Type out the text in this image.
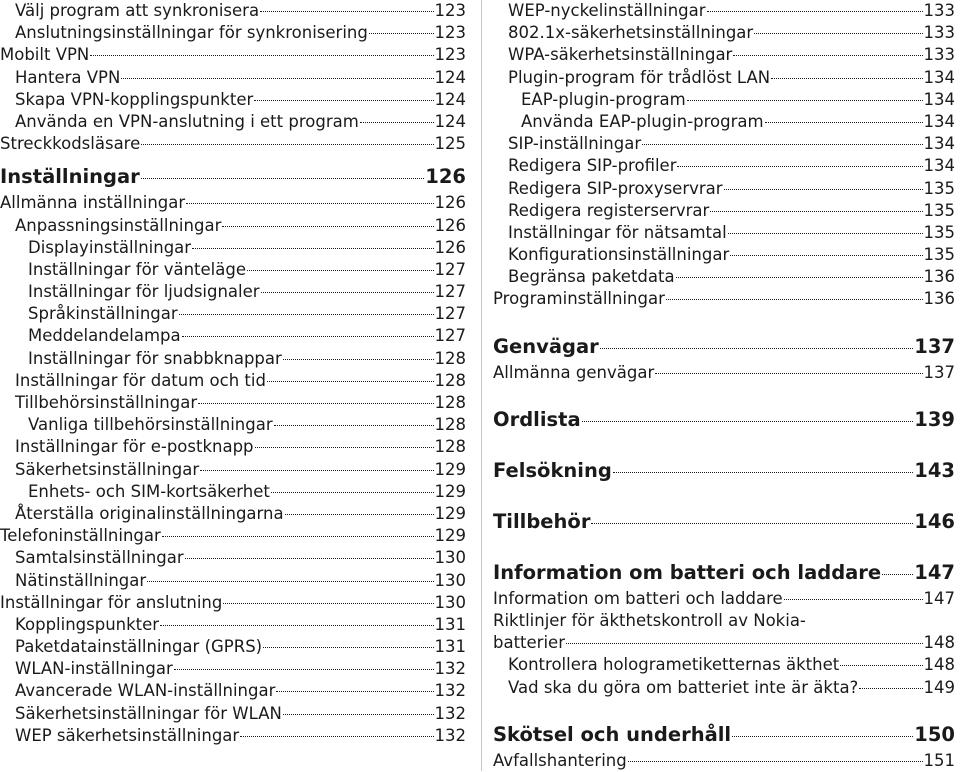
Välj program att synkronisera	123
Anslutningsinställningar för synkronisering	123
Mobilt VPN	123
Hantera VPN	124
Skapa VPN-kopplingspunkter	124
Använda en VPN-anslutning i ett program	124
Streckkodsläsare	125
Inställningar	126
Allmänna inställningar	126
Anpassningsinställningar	126
Displayinställningar	126
Inställningar för vänteläge	127
Inställningar för ljudsignaler	127
Språkinställningar	127
Meddelandelampa	127
Inställningar för snabbknappar	128
Inställningar för datum och tid	128
Tillbehörsinställningar	128
Vanliga tillbehörsinställningar	128
Inställningar för e-postknapp	128
Säkerhetsinställningar	129
Enhets- och SIM-kortsäkerhet	129
Återställa originalinställningarna	129
Telefoninställningar	129
Samtalsinställningar	130
Nätinställningar	130
Inställningar för anslutning	130
Kopplingspunkter	131
Paketdatainställningar (GPRS)	131
WLAN-inställningar	132
Avancerade WLAN-inställningar	132
Säkerhetsinställningar för WLAN	132
WEP säkerhetsinställningar	132
WEP-nyckelinställningar	133
802.1x-säkerhetsinställningar	133
WPA-säkerhetsinställningar	133
Plugin-program för trådlöst LAN	134
EAP-plugin-program	134
Använda EAP-plugin-program	134
SIP-inställningar	134
Redigera SIP-profiler	134
Redigera SIP-proxyservrar	135
Redigera registerservrar	135
Inställningar för nätsamtal	135
Konfigurationsinställningar	135
Begränsa paketdata	136
Programinställningar	136
Genvägar	137
Allmänna genvägar	137
Ordlista	139
Felsökning	143
Tillbehör	146
Information om batteri och laddare 147
Information om batteri och laddare	147
Riktlinjer för äkthetskontroll av Nokia-
batterier	148
Kontrollera hologrametiketternas äkthet	148
Vad ska du göra om batteriet inte är äkta?	149
Skötsel och underhåll	150
Avfallshantering	151
